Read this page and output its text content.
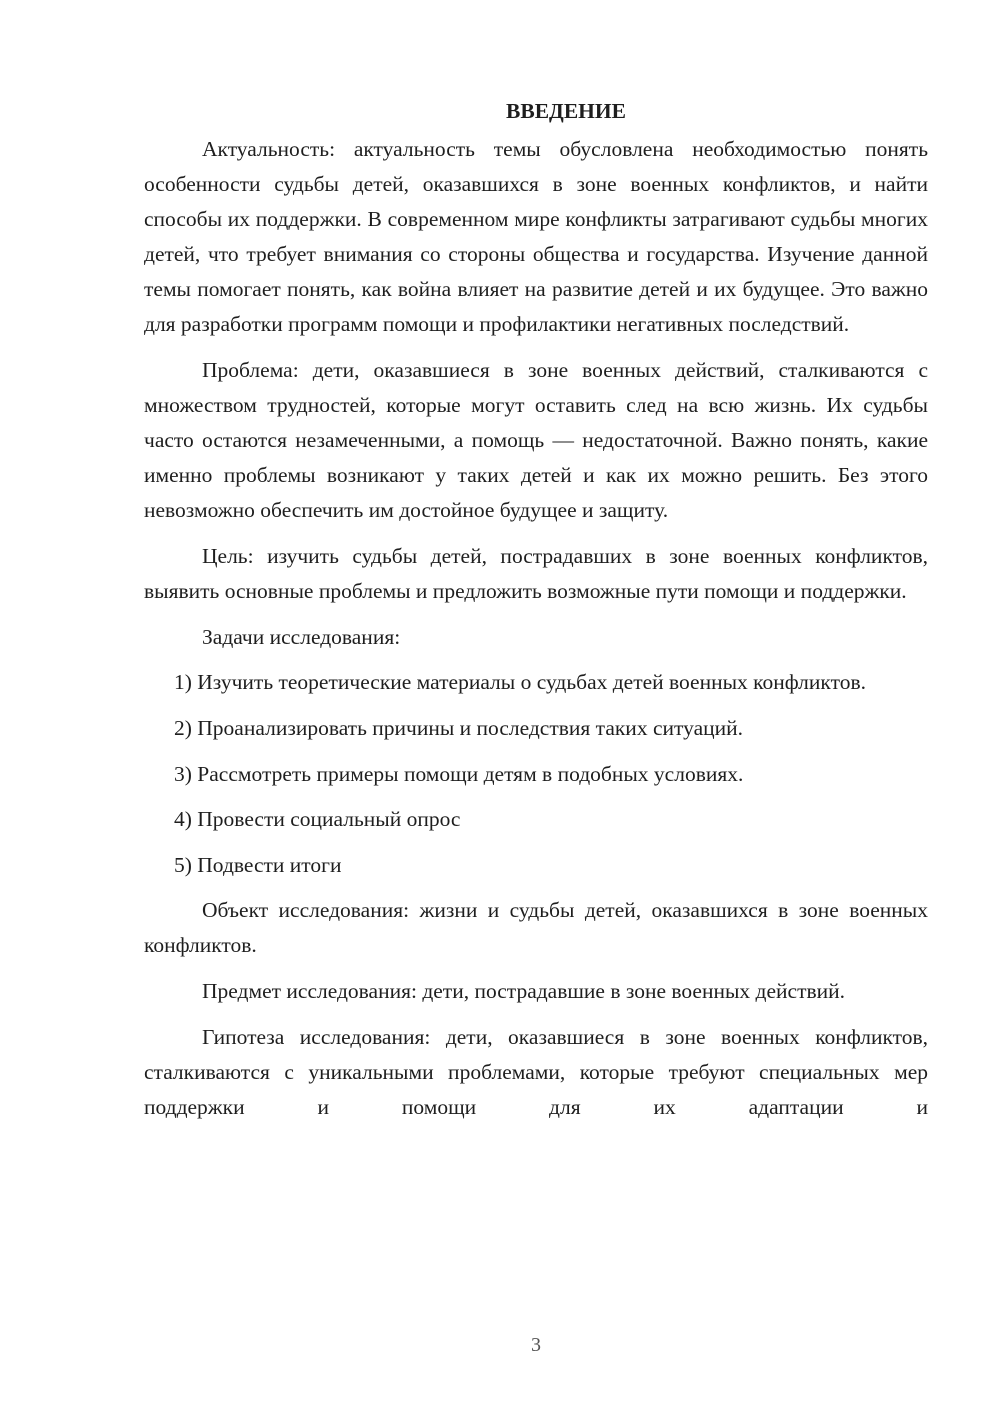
ВВЕДЕНИЕ

Актуальность: актуальность темы обусловлена необходимостью понять особенности судьбы детей, оказавшихся в зоне военных конфликтов, и найти способы их поддержки. В современном мире конфликты затрагивают судьбы многих детей, что требует внимания со стороны общества и государства. Изучение данной темы помогает понять, как война влияет на развитие детей и их будущее. Это важно для разработки программ помощи и профилактики негативных последствий.

Проблема: дети, оказавшиеся в зоне военных действий, сталкиваются с множеством трудностей, которые могут оставить след на всю жизнь. Их судьбы часто остаются незамеченными, а помощь — недостаточной. Важно понять, какие именно проблемы возникают у таких детей и как их можно решить. Без этого невозможно обеспечить им достойное будущее и защиту.

Цель: изучить судьбы детей, пострадавших в зоне военных конфликтов, выявить основные проблемы и предложить возможные пути помощи и поддержки.

Задачи исследования:

1) Изучить теоретические материалы о судьбах детей военных конфликтов.

2) Проанализировать причины и последствия таких ситуаций.

3) Рассмотреть примеры помощи детям в подобных условиях.

4) Провести социальный опрос

5) Подвести итоги

Объект исследования: жизни и судьбы детей, оказавшихся в зоне военных конфликтов.

Предмет исследования: дети, пострадавшие в зоне военных действий.

Гипотеза исследования: дети, оказавшиеся в зоне военных конфликтов, сталкиваются с уникальными проблемами, которые требуют специальных мер поддержки и помощи для их адаптации и

3
